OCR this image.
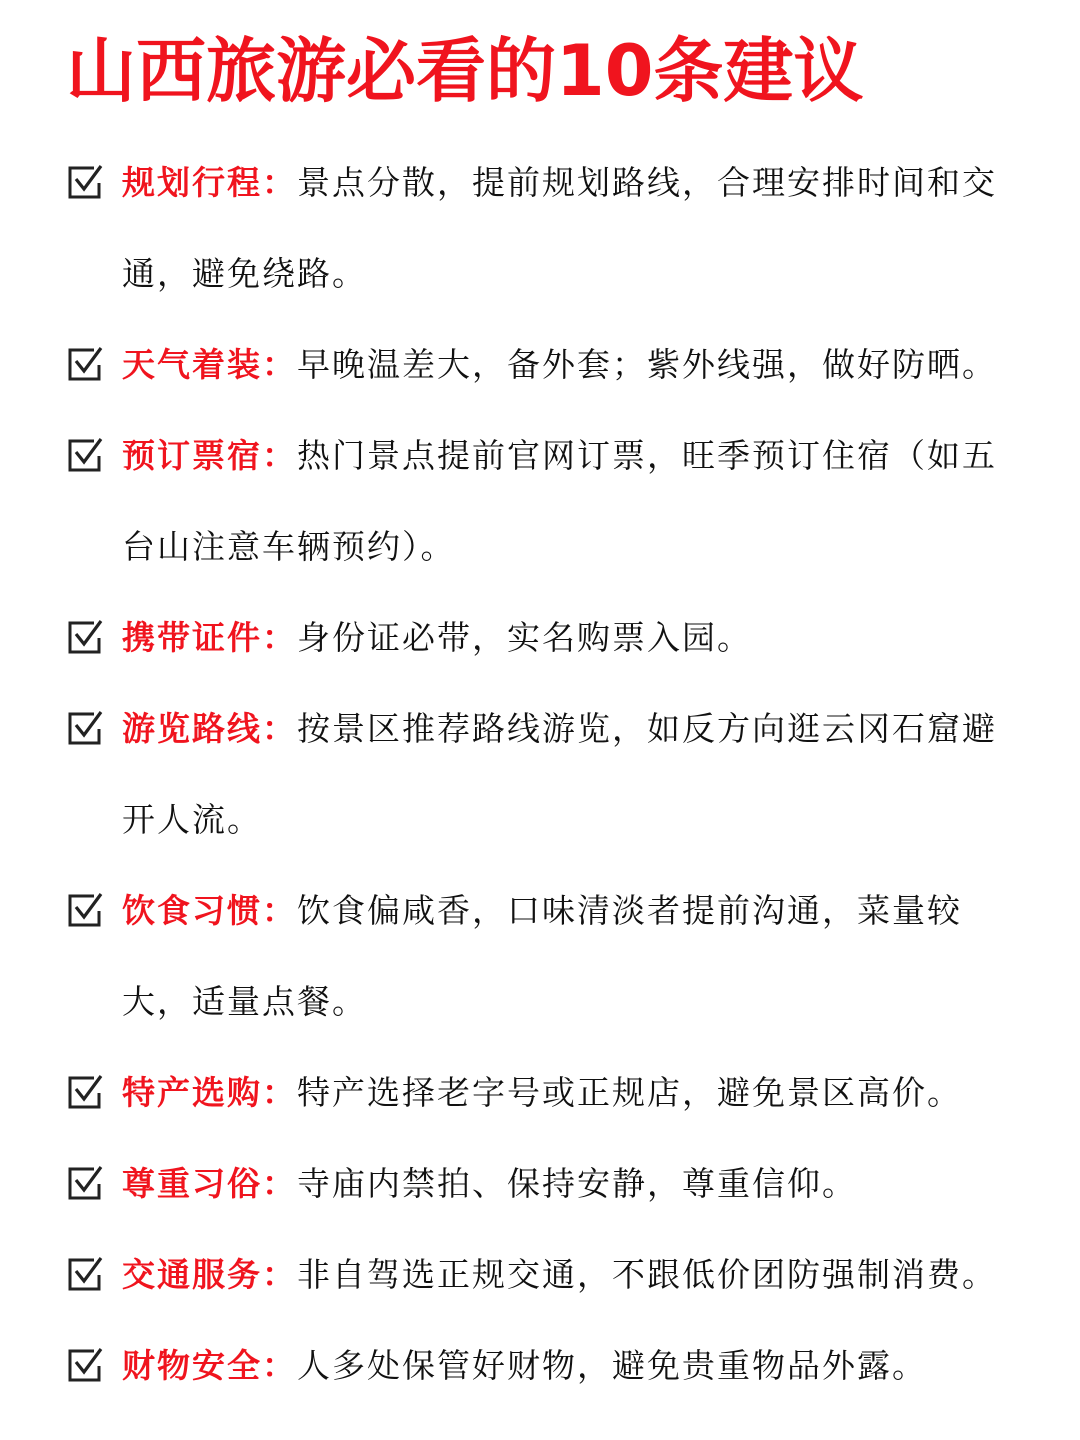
山西旅游必看的10条建议
规划行程：景点分散，提前规划路线，合理安排时间和交通，避免绕路。
天气着装：早晚温差大，备外套；紫外线强，做好防晒。
预订票宿：热门景点提前官网订票，旺季预订住宿（如五台山注意车辆预约）。
携带证件：身份证必带，实名购票入园。
游览路线：按景区推荐路线游览，如反方向逛云冈石窟避开人流。
饮食习惯：饮食偏咸香，口味清淡者提前沟通，菜量较大，适量点餐。
特产选购：特产选择老字号或正规店，避免景区高价。
尊重习俗：寺庙内禁拍、保持安静，尊重信仰。
交通服务：非自驾选正规交通，不跟低价团防强制消费。
财物安全：人多处保管好财物，避免贵重物品外露。
